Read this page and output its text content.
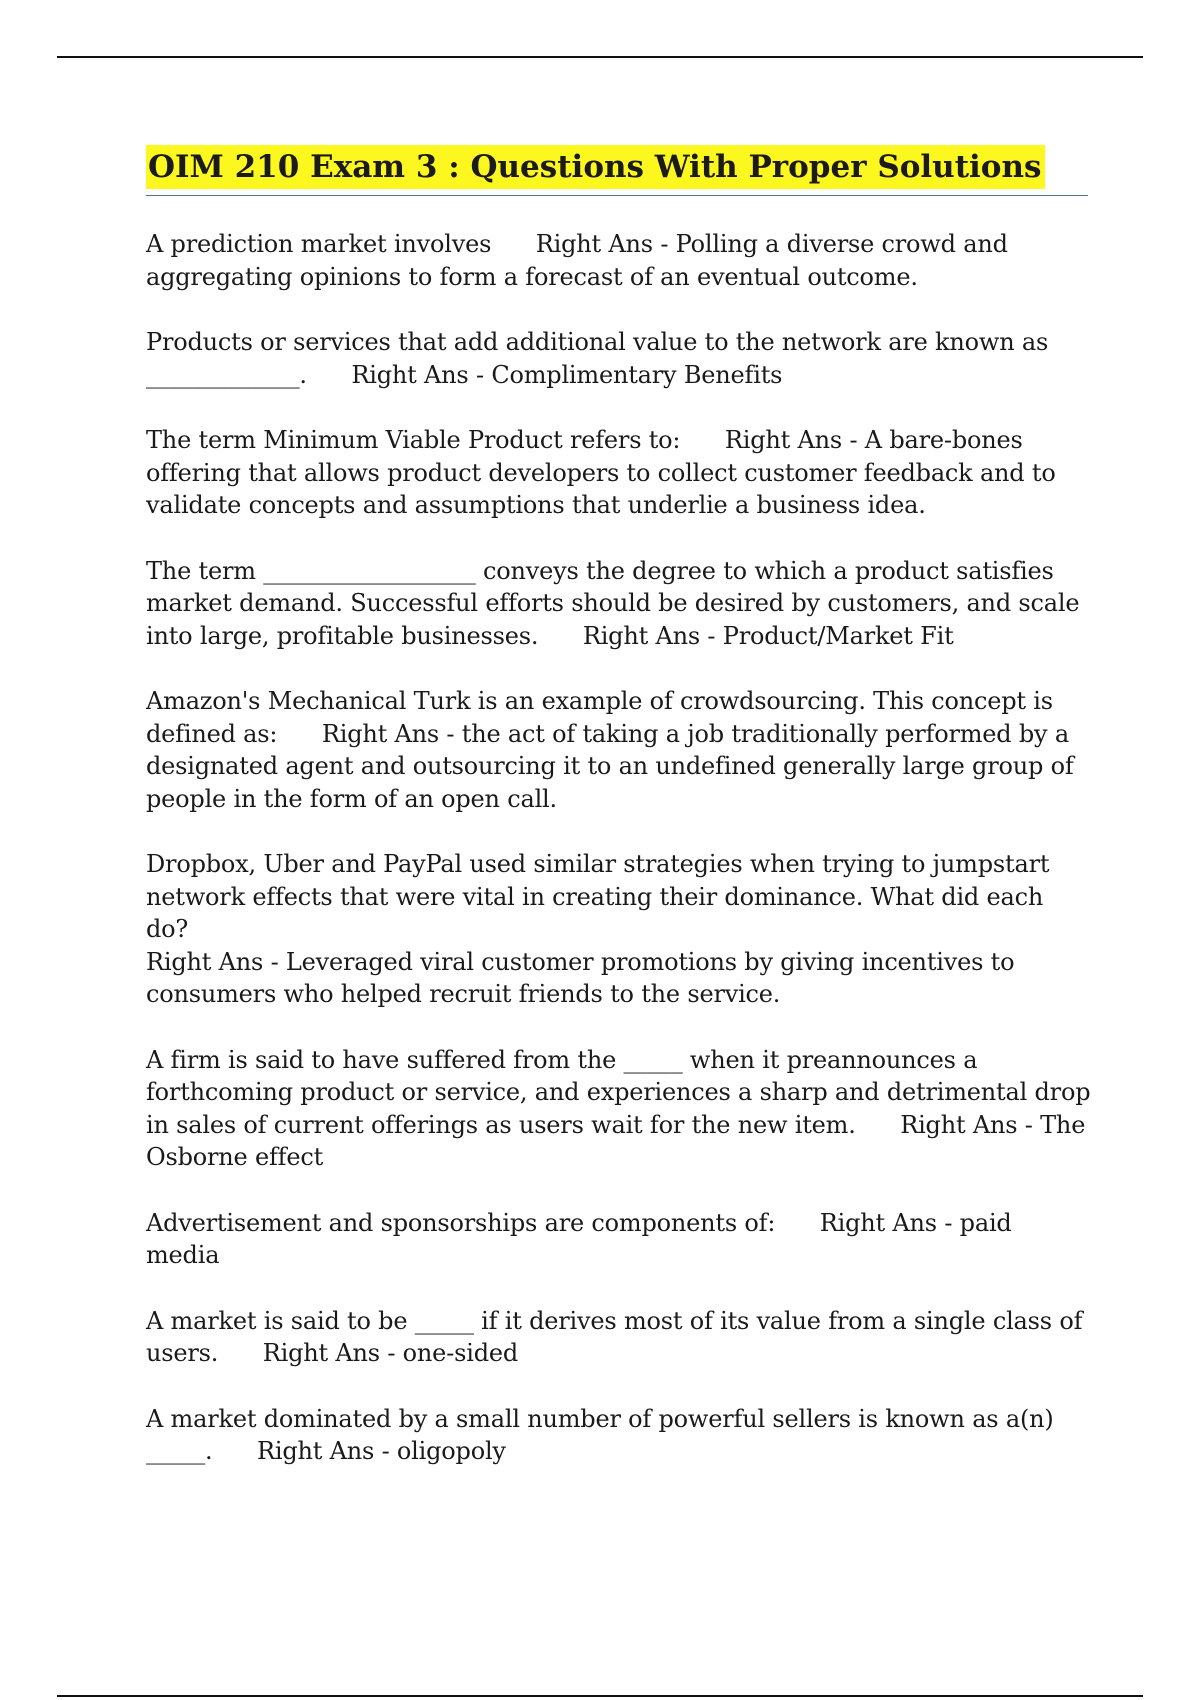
OIM 210 Exam 3 : Questions With Proper Solutions

A prediction market involves      Right Ans - Polling a diverse crowd and
aggregating opinions to form a forecast of an eventual outcome.

Products or services that add additional value to the network are known as
_____________.      Right Ans - Complimentary Benefits

The term Minimum Viable Product refers to:      Right Ans - A bare-bones
offering that allows product developers to collect customer feedback and to
validate concepts and assumptions that underlie a business idea.

The term __________________ conveys the degree to which a product satisfies
market demand. Successful efforts should be desired by customers, and scale
into large, profitable businesses.      Right Ans - Product/Market Fit

Amazon's Mechanical Turk is an example of crowdsourcing. This concept is
defined as:      Right Ans - the act of taking a job traditionally performed by a
designated agent and outsourcing it to an undefined generally large group of
people in the form of an open call.

Dropbox, Uber and PayPal used similar strategies when trying to jumpstart
network effects that were vital in creating their dominance. What did each do?
Right Ans - Leveraged viral customer promotions by giving incentives to
consumers who helped recruit friends to the service.

A firm is said to have suffered from the _____ when it preannounces a
forthcoming product or service, and experiences a sharp and detrimental drop
in sales of current offerings as users wait for the new item.      Right Ans - The
Osborne effect

Advertisement and sponsorships are components of:      Right Ans - paid
media

A market is said to be _____ if it derives most of its value from a single class of
users.      Right Ans - one-sided

A market dominated by a small number of powerful sellers is known as a(n)
_____.      Right Ans - oligopoly
